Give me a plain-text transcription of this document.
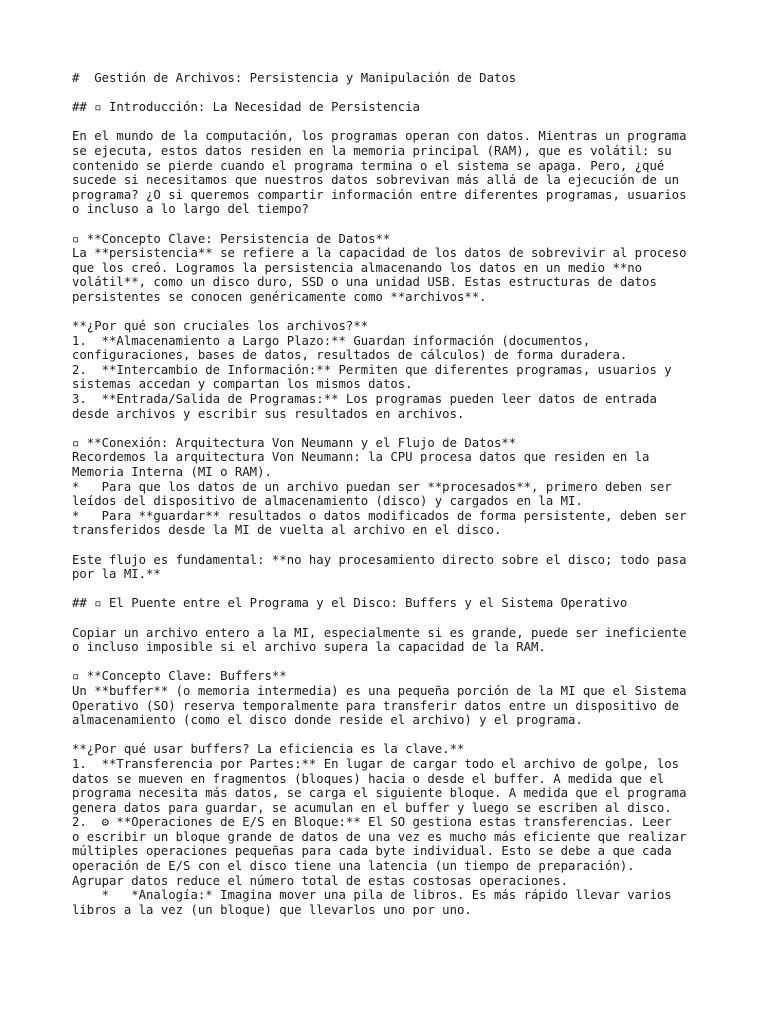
#  Gestión de Archivos: Persistencia y Manipulación de Datos
## ▫ Introducción: La Necesidad de Persistencia
En el mundo de la computación, los programas operan con datos. Mientras un programa
se ejecuta, estos datos residen en la memoria principal (RAM), que es volátil: su
contenido se pierde cuando el programa termina o el sistema se apaga. Pero, ¿qué
sucede si necesitamos que nuestros datos sobrevivan más allá de la ejecución de un
programa? ¿O si queremos compartir información entre diferentes programas, usuarios
o incluso a lo largo del tiempo?
▫ **Concepto Clave: Persistencia de Datos**
La **persistencia** se refiere a la capacidad de los datos de sobrevivir al proceso
que los creó. Logramos la persistencia almacenando los datos en un medio **no
volátil**, como un disco duro, SSD o una unidad USB. Estas estructuras de datos
persistentes se conocen genéricamente como **archivos**.
**¿Por qué son cruciales los archivos?**
1.  **Almacenamiento a Largo Plazo:** Guardan información (documentos,
configuraciones, bases de datos, resultados de cálculos) de forma duradera.
2.  **Intercambio de Información:** Permiten que diferentes programas, usuarios y
sistemas accedan y compartan los mismos datos.
3.  **Entrada/Salida de Programas:** Los programas pueden leer datos de entrada
desde archivos y escribir sus resultados en archivos.
▫ **Conexión: Arquitectura Von Neumann y el Flujo de Datos**
Recordemos la arquitectura Von Neumann: la CPU procesa datos que residen en la
Memoria Interna (MI o RAM).
*   Para que los datos de un archivo puedan ser **procesados**, primero deben ser
leídos del dispositivo de almacenamiento (disco) y cargados en la MI.
*   Para **guardar** resultados o datos modificados de forma persistente, deben ser
transferidos desde la MI de vuelta al archivo en el disco.
Este flujo es fundamental: **no hay procesamiento directo sobre el disco; todo pasa
por la MI.**
## ▫ El Puente entre el Programa y el Disco: Buffers y el Sistema Operativo
Copiar un archivo entero a la MI, especialmente si es grande, puede ser ineficiente
o incluso imposible si el archivo supera la capacidad de la RAM.
▫ **Concepto Clave: Buffers**
Un **buffer** (o memoria intermedia) es una pequeña porción de la MI que el Sistema
Operativo (SO) reserva temporalmente para transferir datos entre un dispositivo de
almacenamiento (como el disco donde reside el archivo) y el programa.
**¿Por qué usar buffers? La eficiencia es la clave.**
1.  **Transferencia por Partes:** En lugar de cargar todo el archivo de golpe, los
datos se mueven en fragmentos (bloques) hacia o desde el buffer. A medida que el
programa necesita más datos, se carga el siguiente bloque. A medida que el programa
genera datos para guardar, se acumulan en el buffer y luego se escriben al disco.
2.  ⚙ **Operaciones de E/S en Bloque:** El SO gestiona estas transferencias. Leer
o escribir un bloque grande de datos de una vez es mucho más eficiente que realizar
múltiples operaciones pequeñas para cada byte individual. Esto se debe a que cada
operación de E/S con el disco tiene una latencia (un tiempo de preparación).
Agrupar datos reduce el número total de estas costosas operaciones.
*   *Analogía:* Imagina mover una pila de libros. Es más rápido llevar varios
libros a la vez (un bloque) que llevarlos uno por uno.
